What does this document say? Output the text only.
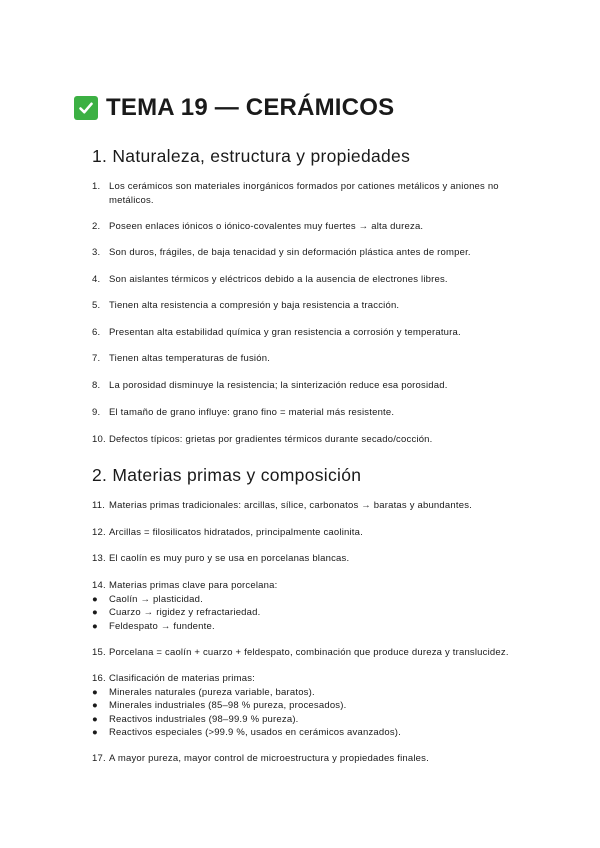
TEMA 19 — CERÁMICOS
1. Naturaleza, estructura y propiedades
1. Los cerámicos son materiales inorgánicos formados por cationes metálicos y aniones no metálicos.
2. Poseen enlaces iónicos o iónico-covalentes muy fuertes → alta dureza.
3. Son duros, frágiles, de baja tenacidad y sin deformación plástica antes de romper.
4. Son aislantes térmicos y eléctricos debido a la ausencia de electrones libres.
5. Tienen alta resistencia a compresión y baja resistencia a tracción.
6. Presentan alta estabilidad química y gran resistencia a corrosión y temperatura.
7. Tienen altas temperaturas de fusión.
8. La porosidad disminuye la resistencia; la sinterización reduce esa porosidad.
9. El tamaño de grano influye: grano fino = material más resistente.
10. Defectos típicos: grietas por gradientes térmicos durante secado/cocción.
2. Materias primas y composición
11. Materias primas tradicionales: arcillas, sílice, carbonatos → baratas y abundantes.
12. Arcillas = filosilicatos hidratados, principalmente caolinita.
13. El caolín es muy puro y se usa en porcelanas blancas.
14. Materias primas clave para porcelana:
● Caolín → plasticidad.
● Cuarzo → rigidez y refractariedad.
● Feldespato → fundente.
15. Porcelana = caolín + cuarzo + feldespato, combinación que produce dureza y translucidez.
16. Clasificación de materias primas:
● Minerales naturales (pureza variable, baratos).
● Minerales industriales (85–98 % pureza, procesados).
● Reactivos industriales (98–99.9 % pureza).
● Reactivos especiales (>99.9 %, usados en cerámicos avanzados).
17. A mayor pureza, mayor control de microestructura y propiedades finales.
